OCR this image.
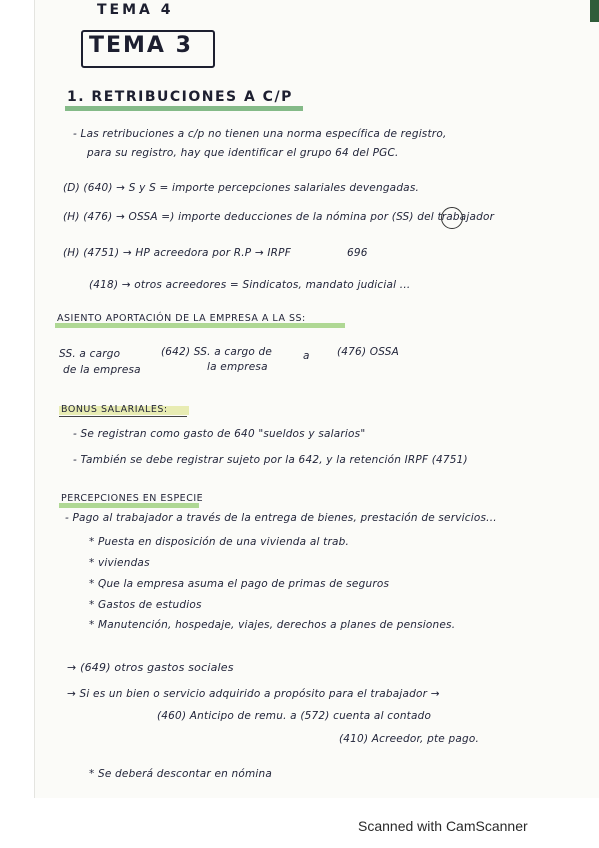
TEMA 4
TEMA 3
1. RETRIBUCIONES A C/P
- Las retribuciones a c/p no tienen una norma específica de registro,
para su registro, hay que identificar el grupo 64 del PGC.
(D) (640) → S y S = importe percepciones salariales devengadas.
(H) (476) → OSSA =) importe deducciones de la nómina por (SS) del trabajador
(H) (4751) → HP acreedora por R.P → IRPF	696
(418) → otros acreedores = Sindicatos, mandato judicial ...
ASIENTO APORTACIÓN DE LA EMPRESA A LA SS:
SS. a cargo
de la empresa
(642) SS. a cargo de
la empresa
a	(476) OSSA
BONUS SALARIALES:
- Se registran como gasto de 640 "sueldos y salarios"
- También se debe registrar sujeto por la 642, y la retención IRPF (4751)
PERCEPCIONES EN ESPECIE
- Pago al trabajador a través de la entrega de bienes, prestación de servicios...
* Puesta en disposición de una vivienda al trab.
* viviendas
* Que la empresa asuma el pago de primas de seguros
* Gastos de estudios
* Manutención, hospedaje, viajes, derechos a planes de pensiones.
→ (649) otros gastos sociales
→ Si es un bien o servicio adquirido a propósito para el trabajador →
(460) Anticipo de remu. a (572) cuenta al contado
(410) Acreedor, pte pago.
* Se deberá descontar en nómina
Scanned with CamScanner
